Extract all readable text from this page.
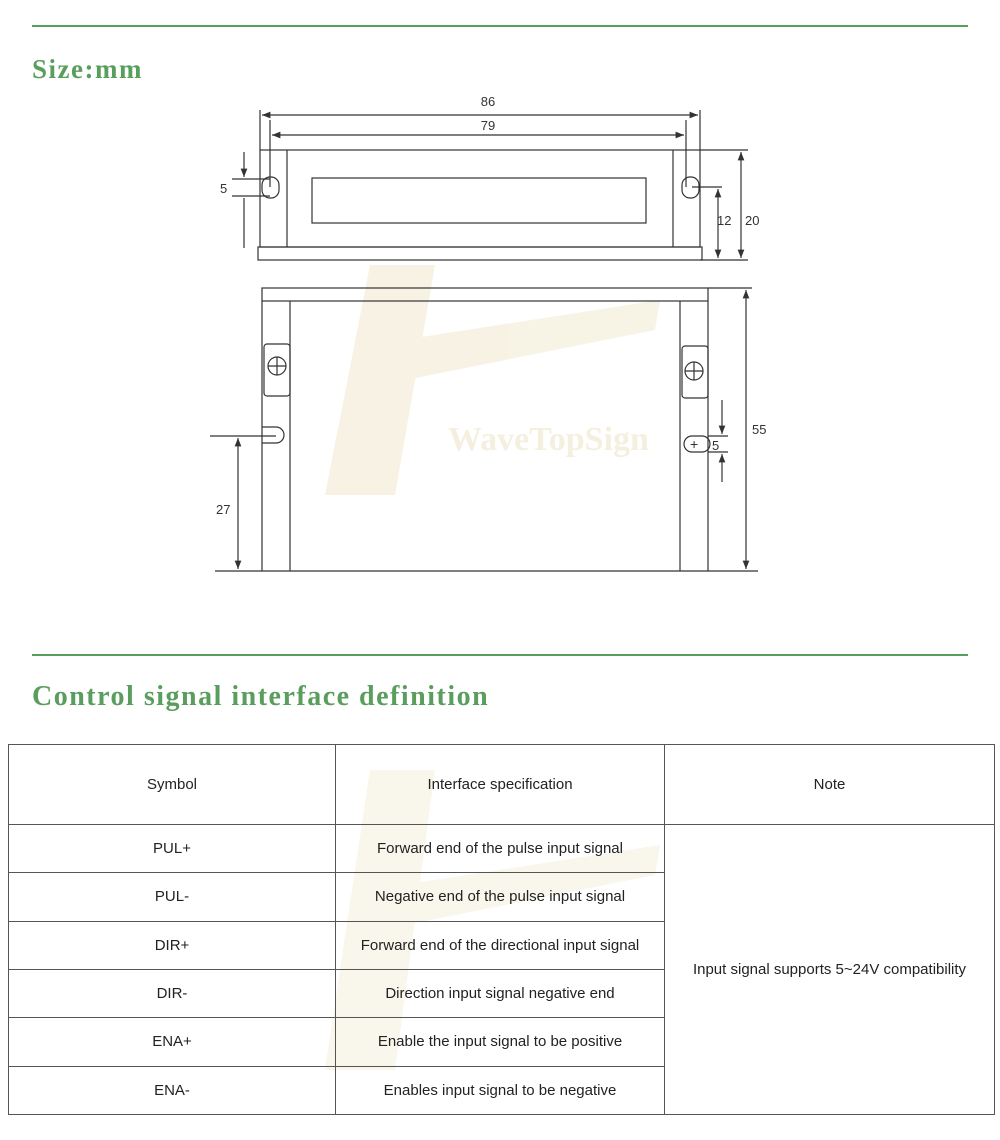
Size:mm
WaveTopSign	+
86
79
5
12 20
55
5
27
Control signal interface definition
Symbol	Interface specification	Note
PUL+	Forward end of the pulse input signal	Input signal supports 5~24V compatibility
PUL-	Negative end of the pulse input signal	
DIR+	Forward end of the directional input signal	
DIR-	Direction input signal negative end	
ENA+	Enable the input signal to be positive	
ENA-	Enables input signal to be negative	
